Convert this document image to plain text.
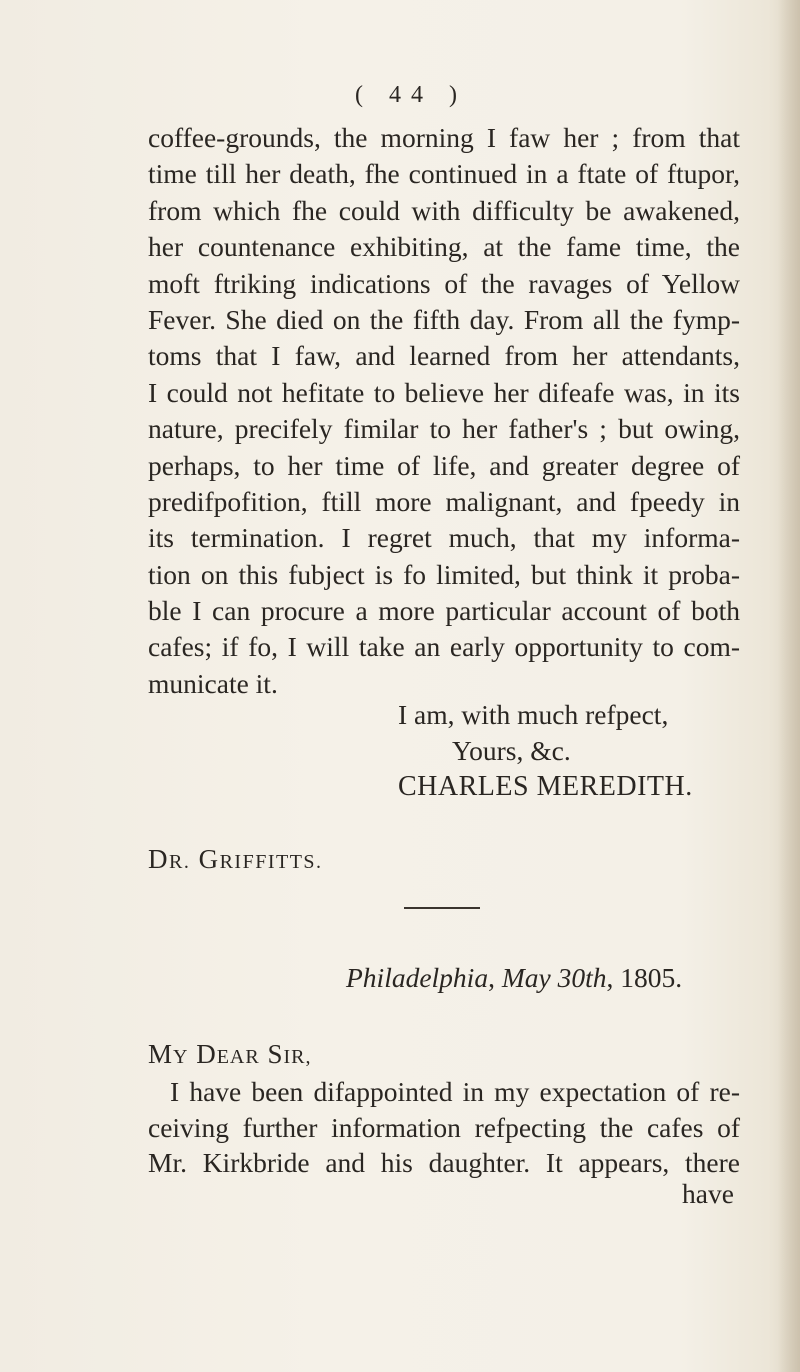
( 44 )
coffee-grounds, the morning I faw her ; from that
time till her death, fhe continued in a ftate of ftupor,
from which fhe could with difficulty be awakened,
her countenance exhibiting, at the fame time, the
moft ftriking indications of the ravages of Yellow
Fever. She died on the fifth day. From all the fymp-
toms that I faw, and learned from her attendants,
I could not hefitate to believe her difeafe was, in its
nature, precifely fimilar to her father's ; but owing,
perhaps, to her time of life, and greater degree of
predifpofition, ftill more malignant, and fpeedy in
its termination. I regret much, that my informa-
tion on this fubject is fo limited, but think it proba-
ble I can procure a more particular account of both
cafes; if fo, I will take an early opportunity to com-
municate it.
I am, with much refpect,
Yours, &c.
CHARLES MEREDITH.
DR. GRIFFITTS.
Philadelphia, May 30th, 1805.
MY DEAR SIR,
I have been difappointed in my expectation of re-
ceiving further information refpecting the cafes of
Mr. Kirkbride and his daughter. It appears, there
have
